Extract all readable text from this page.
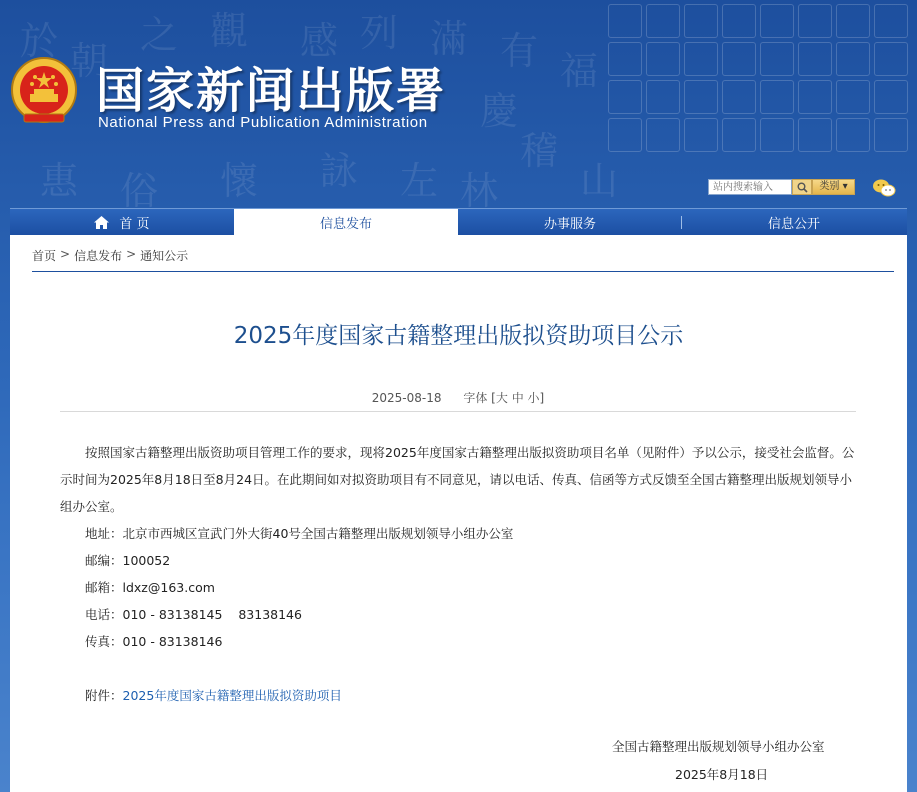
於 朝
之 觀 感 列 滿 有 福
慶
稽
惠 俗 懷 詠 左 林 山
国家新闻出版署
National Press and Publication Administration
站内搜索输入
类别 ▾
首 页	信息发布	办事服务	信息公开
首页 > 信息发布 > 通知公示
2025年度国家古籍整理出版拟资助项目公示
2025-08-18 字体 [大 中 小]

按照国家古籍整理出版资助项目管理工作的要求，现将2025年度国家古籍整理出版拟资助项目名单（见附件）予以公示，接受社会监督。公示时间为2025年8月18日至8月24日。在此期间如对拟资助项目有不同意见，请以电话、传真、信函等方式反馈至全国古籍整理出版规划领导小组办公室。

地址：北京市西城区宣武门外大街40号全国古籍整理出版规划领导小组办公室

邮编：100052

邮箱：ldxz@163.com

电话：010 - 83138145    83138146

传真：010 - 83138146

附件：2025年度国家古籍整理出版拟资助项目

全国古籍整理出版规划领导小组办公室
2025年8月18日
